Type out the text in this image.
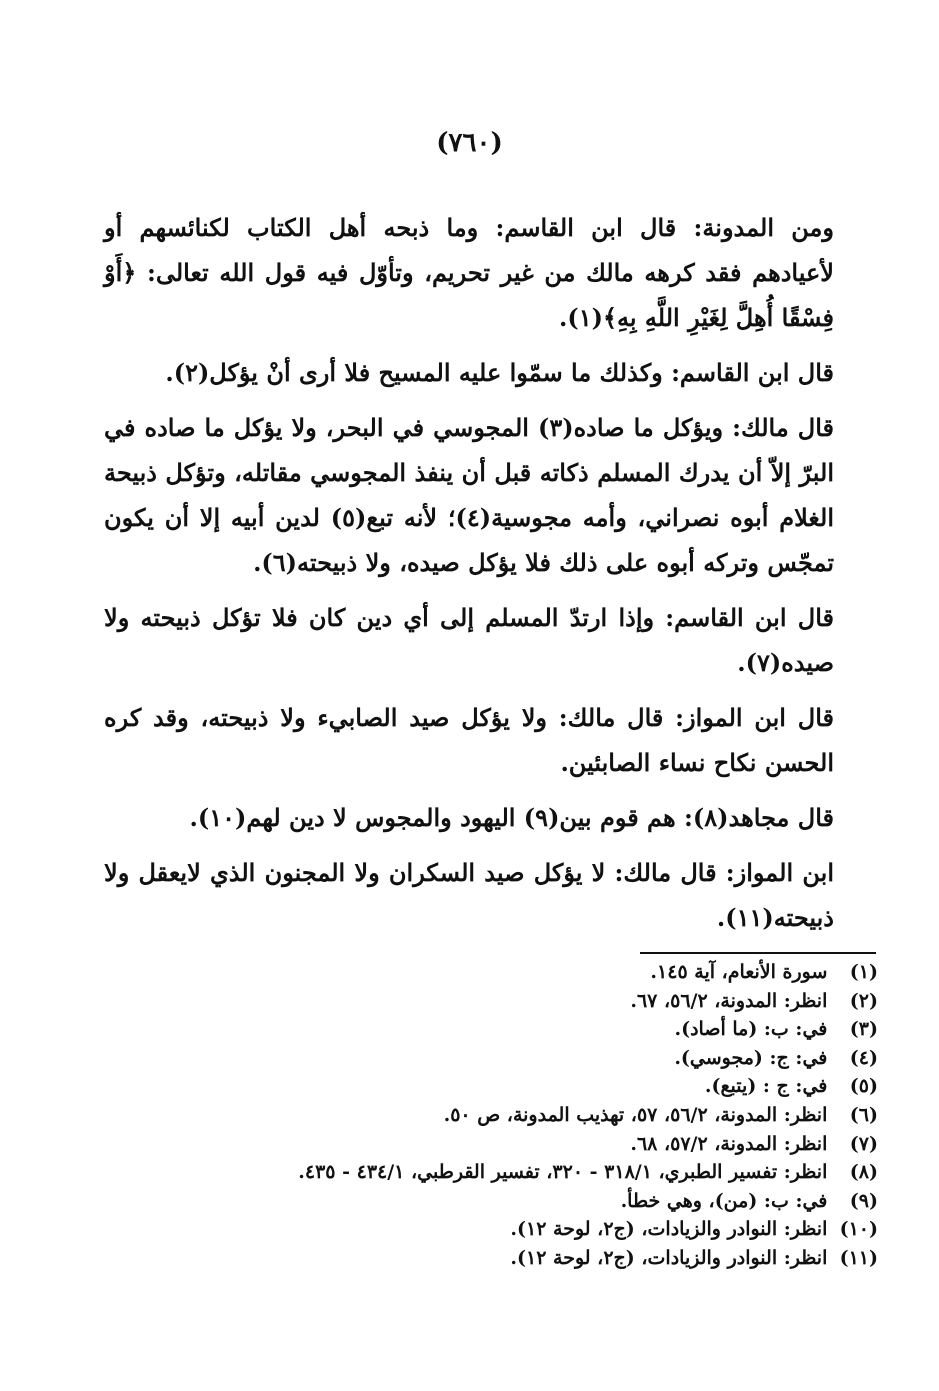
(٧٦٠)

ومن المدونة: قال ابن القاسم: وما ذبحه أهل الكتاب لكنائسهم أو لأعيادهم فقد كرهه مالك من غير تحريم، وتأوّل فيه قول الله تعالى: ﴿أَوْ فِسْقًا أُهِلَّ لِغَيْرِ اللَّهِ بِهِ﴾(١).

قال ابن القاسم: وكذلك ما سمّوا عليه المسيح فلا أرى أنْ يؤكل(٢).

قال مالك: ويؤكل ما صاده(٣) المجوسي في البحر، ولا يؤكل ما صاده في البرّ إلاّ أن يدرك المسلم ذكاته قبل أن ينفذ المجوسي مقاتله، وتؤكل ذبيحة الغلام أبوه نصراني، وأمه مجوسية(٤)؛ لأنه تبع(٥) لدين أبيه إلا أن يكون تمجّس وتركه أبوه على ذلك فلا يؤكل صيده، ولا ذبيحته(٦).

قال ابن القاسم: وإذا ارتدّ المسلم إلى أي دين كان فلا تؤكل ذبيحته ولا صيده(٧).

قال ابن المواز: قال مالك: ولا يؤكل صيد الصابيء ولا ذبيحته، وقد كره الحسن نكاح نساء الصابئين.

قال مجاهد(٨): هم قوم بين(٩) اليهود والمجوس لا دين لهم(١٠).

ابن المواز: قال مالك: لا يؤكل صيد السكران ولا المجنون الذي لايعقل ولا ذبيحته(١١).

(١) سورة الأنعام، آية ١٤٥.
(٢) انظر: المدونة، ٥٦/٢، ٦٧.
(٣) في: ب: (ما أصاد).
(٤) في: ج: (مجوسي).
(٥) في: ج : (يتبع).
(٦) انظر: المدونة، ٥٦/٢، ٥٧، تهذيب المدونة، ص ٥٠.
(٧) انظر: المدونة، ٥٧/٢، ٦٨.
(٨) انظر: تفسير الطبري، ٣١٨/١ - ٣٢٠، تفسير القرطبي، ٤٣٤/١ - ٤٣٥.
(٩) في: ب: (من)، وهي خطأ.
(١٠) انظر: النوادر والزيادات، (ج٢، لوحة ١٢).
(١١) انظر: النوادر والزيادات، (ج٢، لوحة ١٢).
